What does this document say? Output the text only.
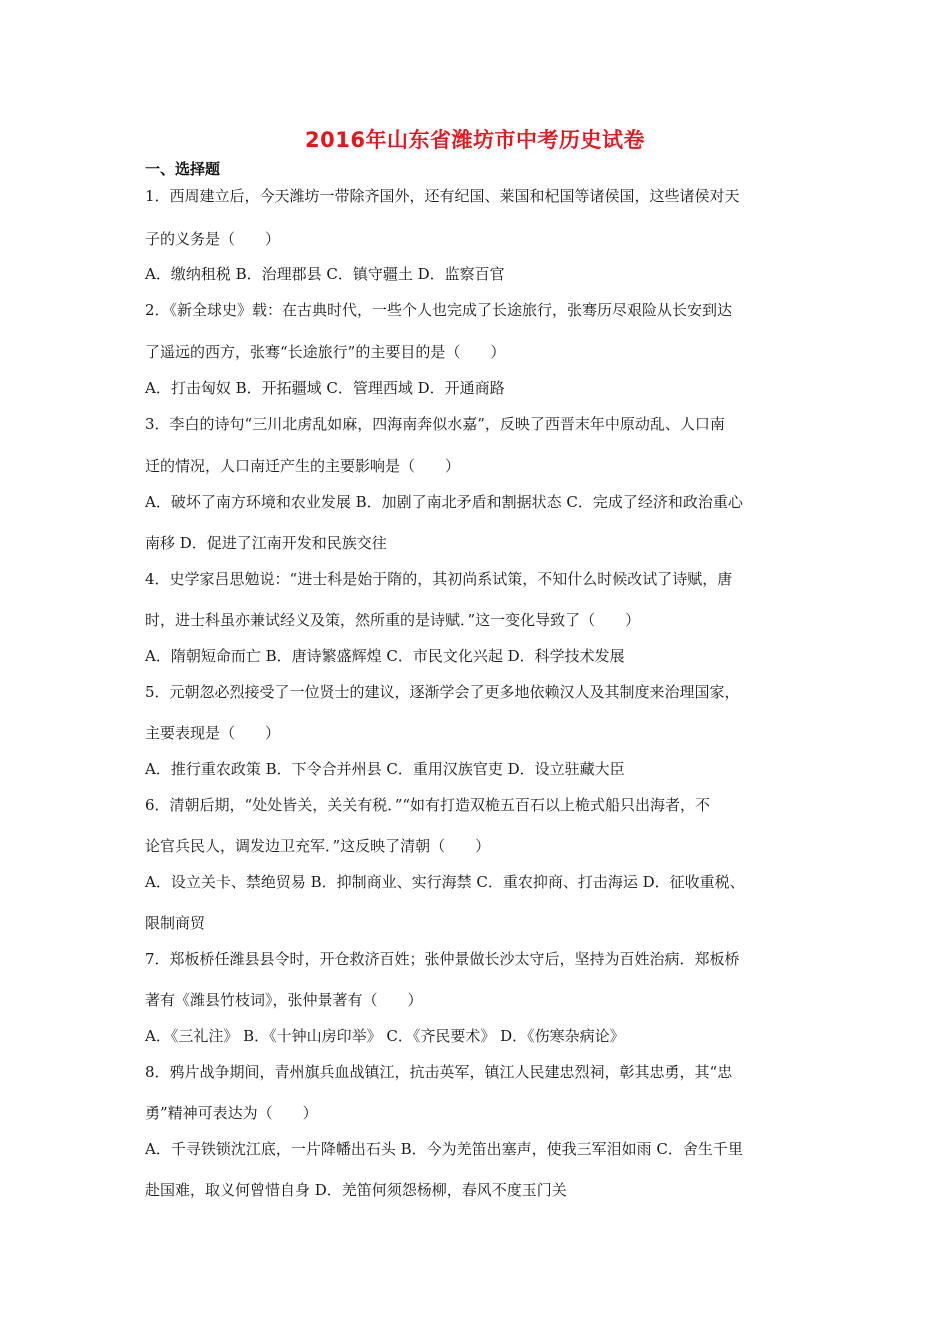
2016年山东省潍坊市中考历史试卷
一、选择题
1．西周建立后，今天潍坊一带除齐国外，还有纪国、莱国和杞国等诸侯国，这些诸侯对天
子的义务是（　　）
A．缴纳租税 B．治理郡县 C．镇守疆土 D．监察百官
2．《新全球史》载：在古典时代，一些个人也完成了长途旅行，张骞历尽艰险从长安到达
了遥远的西方，张骞“长途旅行”的主要目的是（　　）
A．打击匈奴 B．开拓疆域 C．管理西域 D．开通商路
3．李白的诗句“三川北虏乱如麻，四海南奔似水嘉”，反映了西晋末年中原动乱、人口南
迁的情况，人口南迁产生的主要影响是（　　）
A．破坏了南方环境和农业发展 B．加剧了南北矛盾和割据状态 C．完成了经济和政治重心
南移 D．促进了江南开发和民族交往
4．史学家吕思勉说：“进士科是始于隋的，其初尚系试策，不知什么时候改试了诗赋，唐
时，进士科虽亦兼试经义及策，然所重的是诗赋．”这一变化导致了（　　）
A．隋朝短命而亡 B．唐诗繁盛辉煌 C．市民文化兴起 D．科学技术发展
5．元朝忽必烈接受了一位贤士的建议，逐渐学会了更多地依赖汉人及其制度来治理国家，
主要表现是（　　）
A．推行重农政策 B．下令合并州县 C．重用汉族官吏 D．设立驻藏大臣
6．清朝后期，“处处皆关，关关有税．”“如有打造双桅五百石以上桅式船只出海者，不
论官兵民人，调发边卫充军．”这反映了清朝（　　）
A．设立关卡、禁绝贸易 B．抑制商业、实行海禁 C．重农抑商、打击海运 D．征收重税、
限制商贸
7．郑板桥任潍县县令时，开仓救济百姓；张仲景做长沙太守后，坚持为百姓治病．郑板桥
著有《潍县竹枝词》，张仲景著有（　　）
A．《三礼注》 B．《十钟山房印举》 C．《齐民要术》 D．《伤寒杂病论》
8．鸦片战争期间，青州旗兵血战镇江，抗击英军，镇江人民建忠烈祠，彰其忠勇，其“忠
勇”精神可表达为（　　）
A．千寻铁锁沈江底，一片降幡出石头 B．今为羌笛出塞声，使我三军泪如雨 C．舍生千里
赴国难，取义何曾惜自身 D．羌笛何须怨杨柳，春风不度玉门关
